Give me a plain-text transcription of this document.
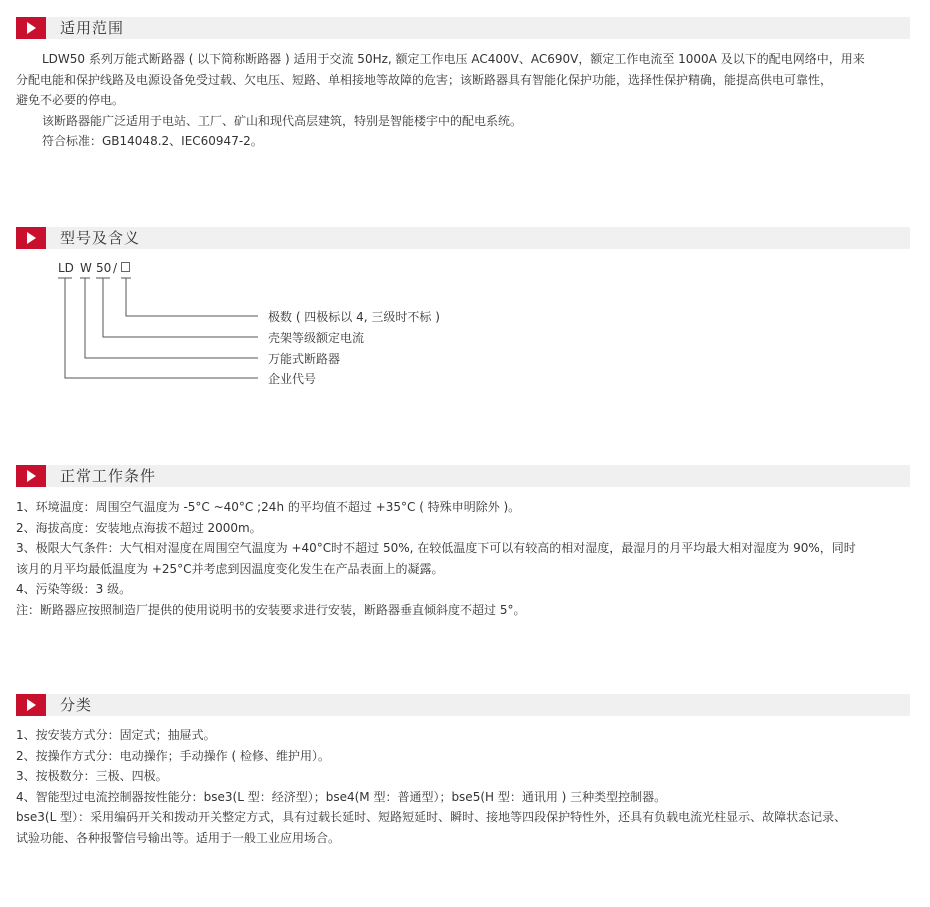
适用范围
LDW50 系列万能式断路器 ( 以下简称断路器 ) 适用于交流 50Hz, 额定工作电压 AC400V、AC690V，额定工作电流至 1000A 及以下的配电网络中，用来
分配电能和保护线路及电源设备免受过载、欠电压、短路、单相接地等故障的危害；该断路器具有智能化保护功能，选择性保护精确，能提高供电可靠性，
避免不必要的停电。
该断路器能广泛适用于电站、工厂、矿山和现代高层建筑，特别是智能楼宇中的配电系统。
符合标准：GB14048.2、IEC60947-2。
型号及含义
LD W 50 /
极数 ( 四极标以 4, 三级时不标 )
壳架等级额定电流
万能式断路器
企业代号
正常工作条件
1、环境温度：周围空气温度为 -5°C ~40°C ;24h 的平均值不超过 +35°C ( 特殊申明除外 )。
2、海拔高度：安装地点海拔不超过 2000m。
3、极限大气条件：大气相对湿度在周围空气温度为 +40°C时不超过 50%, 在较低温度下可以有较高的相对湿度，最湿月的月平均最大相对湿度为 90%，同时
该月的月平均最低温度为 +25°C并考虑到因温度变化发生在产品表面上的凝露。
4、污染等级：3 级。
注：断路器应按照制造厂提供的使用说明书的安装要求进行安装，断路器垂直倾斜度不超过 5°。
分类
1、按安装方式分：固定式；抽屉式。
2、按操作方式分：电动操作；手动操作 ( 检修、维护用）。
3、按极数分：三极、四极。
4、智能型过电流控制器按性能分：bse3(L 型：经济型）；bse4(M 型：普通型）；bse5(H 型：通讯用 ) 三种类型控制器。
bse3(L 型）：采用编码开关和拨动开关整定方式，具有过载长延时、短路短延时、瞬时、接地等四段保护特性外，还具有负载电流光柱显示、故障状态记录、
试验功能、各种报警信号输出等。适用于一般工业应用场合。
